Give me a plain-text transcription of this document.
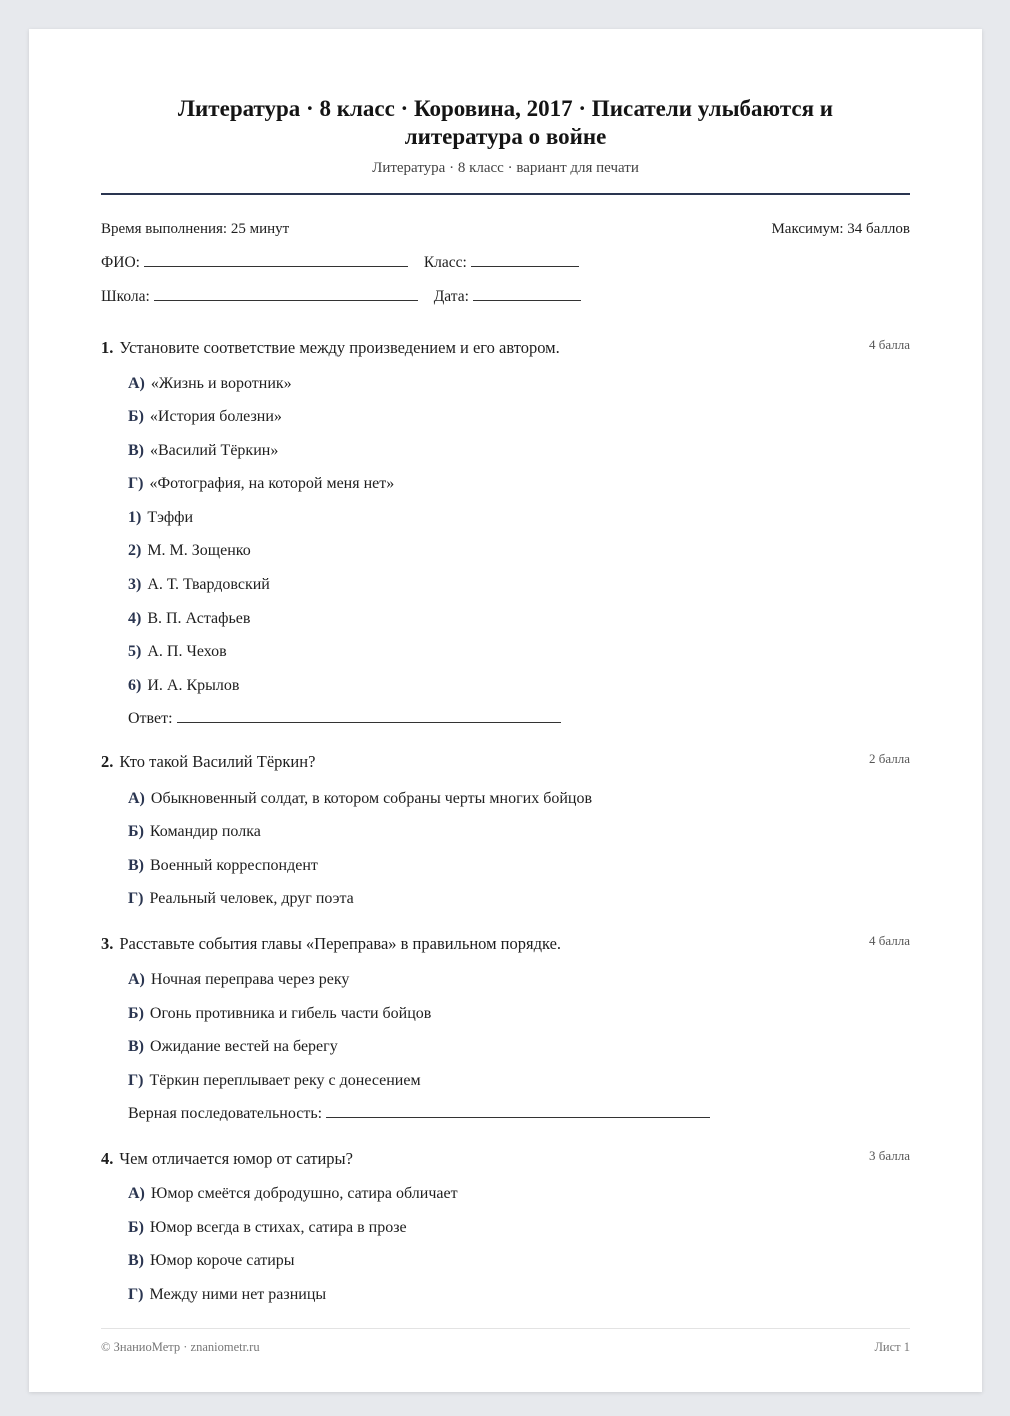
Литература · 8 класс · Коровина, 2017 · Писатели улыбаются и литература о войне
Литература · 8 класс · вариант для печати
Время выполнения: 25 минут	Максимум: 34 баллов
ФИО:	Класс:
Школа:	Дата:
1. Установите соответствие между произведением и его автором.	4 балла
А) «Жизнь и воротник»
Б) «История болезни»
В) «Василий Тёркин»
Г) «Фотография, на которой меня нет»
1) Тэффи
2) М. М. Зощенко
3) А. Т. Твардовский
4) В. П. Астафьев
5) А. П. Чехов
6) И. А. Крылов
Ответ:
2. Кто такой Василий Тёркин?	2 балла
А) Обыкновенный солдат, в котором собраны черты многих бойцов
Б) Командир полка
В) Военный корреспондент
Г) Реальный человек, друг поэта
3. Расставьте события главы «Переправа» в правильном порядке.	4 балла
А) Ночная переправа через реку
Б) Огонь противника и гибель части бойцов
В) Ожидание вестей на берегу
Г) Тёркин переплывает реку с донесением
Верная последовательность:
4. Чем отличается юмор от сатиры?	3 балла
А) Юмор смеётся добродушно, сатира обличает
Б) Юмор всегда в стихах, сатира в прозе
В) Юмор короче сатиры
Г) Между ними нет разницы
© ЗнаниоМетр · znaniometr.ru	Лист 1
